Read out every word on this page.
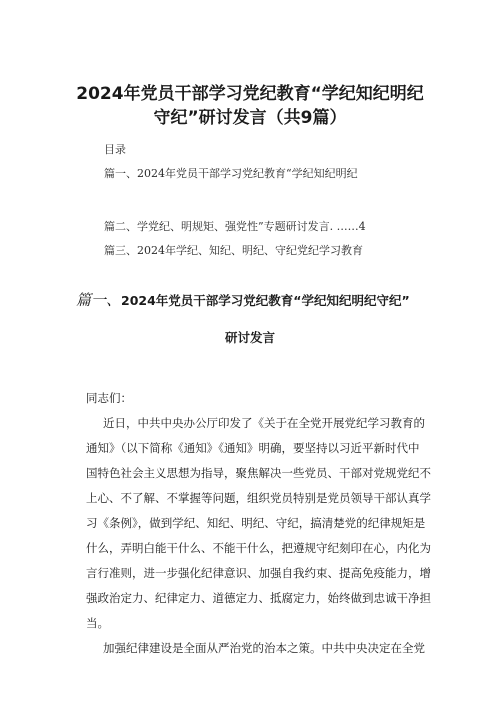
2024年党员干部学习党纪教育“学纪知纪明纪
守纪”研讨发言（共9篇）
目录
篇一、2024年党员干部学习党纪教育“学纪知纪明纪
篇二、学党纪、明规矩、强党性”专题研讨发言. ……4
篇三、2024年学纪、知纪、明纪、守纪党纪学习教育
篇一、2024年党员干部学习党纪教育“学纪知纪明纪守纪”
研讨发言
同志们：
　　近日，中共中央办公厅印发了《关于在全党开展党纪学习教育的
通知》（以下简称《通知》《通知》明确，要坚持以习近平新时代中
国特色社会主义思想为指导，聚焦解决一些党员、干部对党规党纪不
上心、不了解、不掌握等问题，组织党员特别是党员领导干部认真学
习《条例》，做到学纪、知纪、明纪、守纪，搞清楚党的纪律规矩是
什么，弄明白能干什么、不能干什么，把遵规守纪刻印在心，内化为
言行准则，进一步强化纪律意识、加强自我约束、提高免疫能力，增
强政治定力、纪律定力、道德定力、抵腐定力，始终做到忠诚干净担
当。
　　加强纪律建设是全面从严治党的治本之策。中共中央决定在全党
